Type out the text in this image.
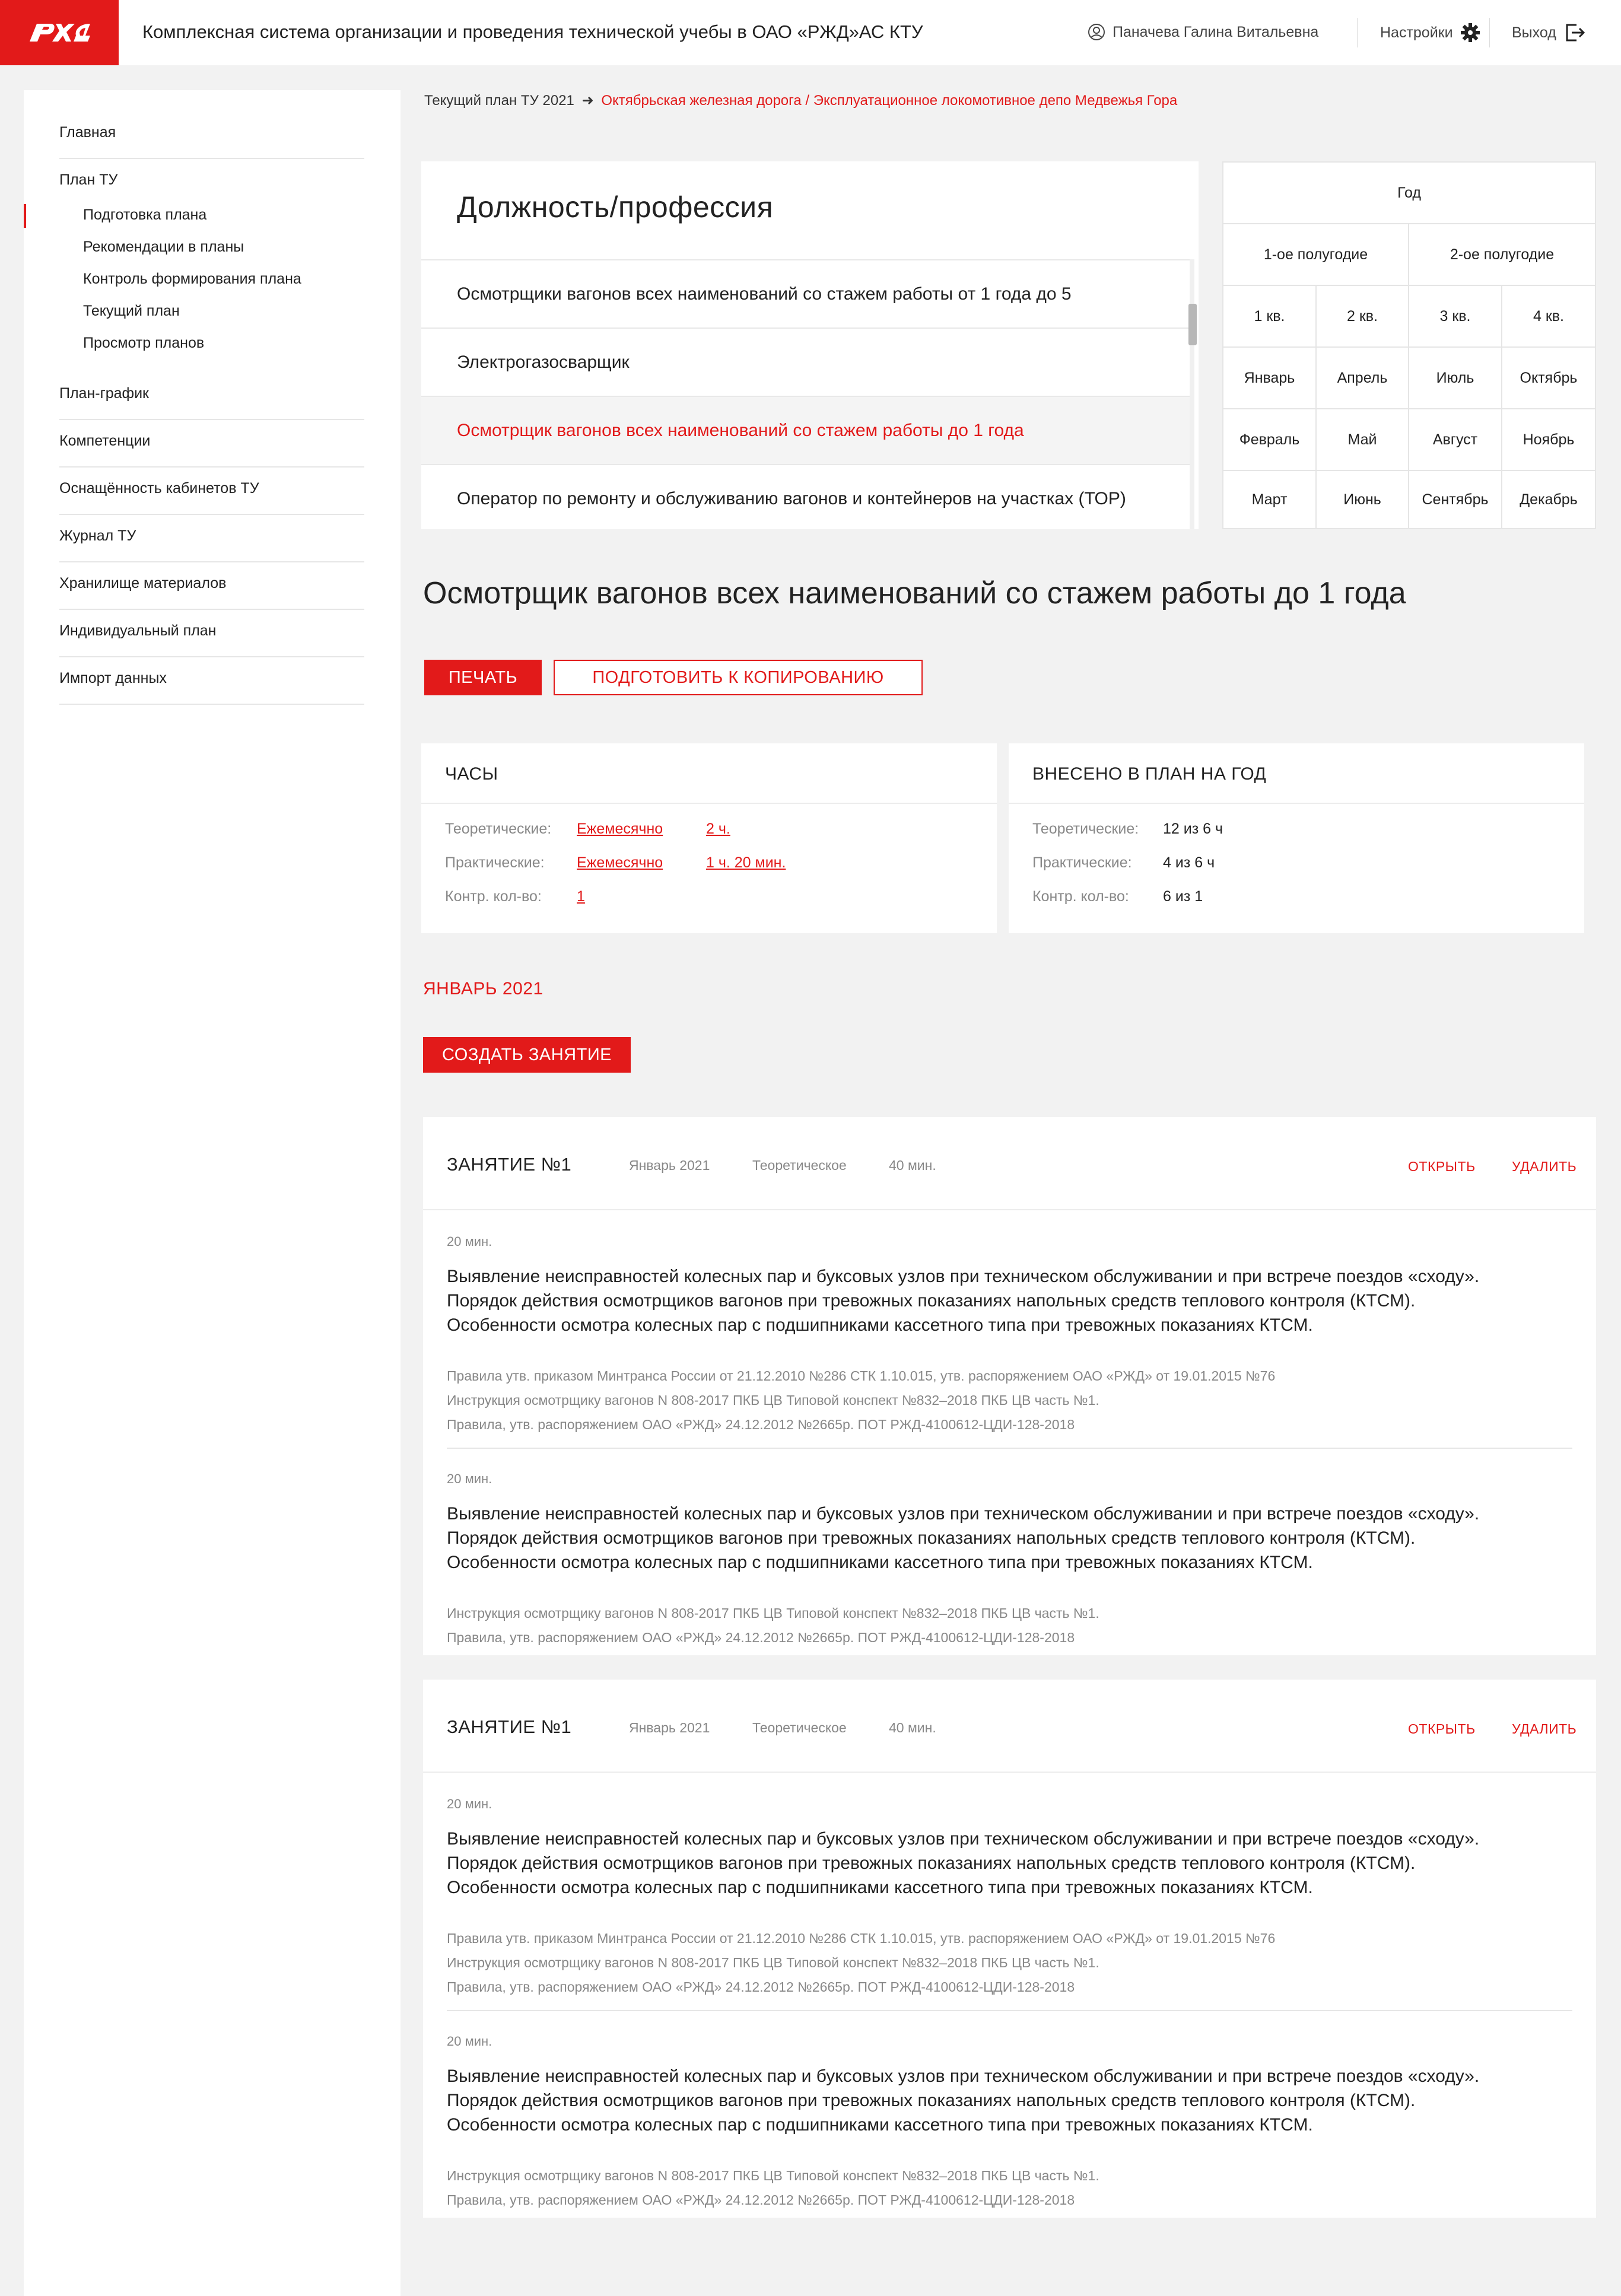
Комплексная система организации и проведения технической учебы в ОАО «РЖД»АС КТУ	Паначева Галина Витальевна	Настройки	Выход
Главная
План ТУ
Подготовка плана
Рекомендации в планы
Контроль формирования плана
Текущий план
Просмотр планов
План-график
Компетенции
Оснащённость кабинетов ТУ
Журнал ТУ
Хранилище материалов
Индивидуальный план
Импорт данных
Текущий план ТУ 2021 ➜ Октябрьская железная дорога / Эксплуатационное локомотивное депо Медвежья Гора
Должность/профессия
Осмотрщики вагонов всех наименований со стажем работы от 1 года до 5
Электрогазосварщик
Осмотрщик вагонов всех наименований со стажем работы до 1 года
Оператор по ремонту и обслуживанию вагонов и контейнеров на участках (ТОР)
Год
1-ое полугодие	2-ое полугодие
1 кв.	2 кв.	3 кв.	4 кв.
Январь	Апрель	Июль	Октябрь
Февраль	Май	Август	Ноябрь
Март	Июнь	Сентябрь	Декабрь
Осмотрщик вагонов всех наименований со стажем работы до 1 года
ПЕЧАТЬ	ПОДГОТОВИТЬ К КОПИРОВАНИЮ
ЧАСЫ
Теоретические: Ежемесячно	2 ч.
Практические: Ежемесячно	1 ч. 20 мин.
Контр. кол-во: 1
ВНЕСЕНО В ПЛАН НА ГОД
Теоретические: 12 из 6 ч
Практические: 4 из 6 ч
Контр. кол-во: 6 из 1
ЯНВАРЬ 2021
СОЗДАТЬ ЗАНЯТИЕ
ЗАНЯТИЕ №1	Январь 2021	Теоретическое	40 мин.	ОТКРЫТЬ	УДАЛИТЬ
20 мин.
Выявление неисправностей колесных пар и буксовых узлов при техническом обслуживании и при встрече поездов «сходу».
Порядок действия осмотрщиков вагонов при тревожных показаниях напольных средств теплового контроля (КТСМ).
Особенности осмотра колесных пар с подшипниками кассетного типа при тревожных показаниях КТСМ.
Правила утв. приказом Минтранса России от 21.12.2010 №286 СТК 1.10.015, утв. распоряжением ОАО «РЖД» от 19.01.2015 №76
Инструкция осмотрщику вагонов N 808-2017 ПКБ ЦВ Типовой конспект №832–2018 ПКБ ЦВ часть №1.
Правила, утв. распоряжением ОАО «РЖД» 24.12.2012 №2665р. ПОТ РЖД-4100612-ЦДИ-128-2018
20 мин.
Выявление неисправностей колесных пар и буксовых узлов при техническом обслуживании и при встрече поездов «сходу».
Порядок действия осмотрщиков вагонов при тревожных показаниях напольных средств теплового контроля (КТСМ).
Особенности осмотра колесных пар с подшипниками кассетного типа при тревожных показаниях КТСМ.
Инструкция осмотрщику вагонов N 808-2017 ПКБ ЦВ Типовой конспект №832–2018 ПКБ ЦВ часть №1.
Правила, утв. распоряжением ОАО «РЖД» 24.12.2012 №2665р. ПОТ РЖД-4100612-ЦДИ-128-2018
ЗАНЯТИЕ №1	Январь 2021	Теоретическое	40 мин.	ОТКРЫТЬ	УДАЛИТЬ
20 мин.
Выявление неисправностей колесных пар и буксовых узлов при техническом обслуживании и при встрече поездов «сходу».
Порядок действия осмотрщиков вагонов при тревожных показаниях напольных средств теплового контроля (КТСМ).
Особенности осмотра колесных пар с подшипниками кассетного типа при тревожных показаниях КТСМ.
Правила утв. приказом Минтранса России от 21.12.2010 №286 СТК 1.10.015, утв. распоряжением ОАО «РЖД» от 19.01.2015 №76
Инструкция осмотрщику вагонов N 808-2017 ПКБ ЦВ Типовой конспект №832–2018 ПКБ ЦВ часть №1.
Правила, утв. распоряжением ОАО «РЖД» 24.12.2012 №2665р. ПОТ РЖД-4100612-ЦДИ-128-2018
20 мин.
Выявление неисправностей колесных пар и буксовых узлов при техническом обслуживании и при встрече поездов «сходу».
Порядок действия осмотрщиков вагонов при тревожных показаниях напольных средств теплового контроля (КТСМ).
Особенности осмотра колесных пар с подшипниками кассетного типа при тревожных показаниях КТСМ.
Инструкция осмотрщику вагонов N 808-2017 ПКБ ЦВ Типовой конспект №832–2018 ПКБ ЦВ часть №1.
Правила, утв. распоряжением ОАО «РЖД» 24.12.2012 №2665р. ПОТ РЖД-4100612-ЦДИ-128-2018
